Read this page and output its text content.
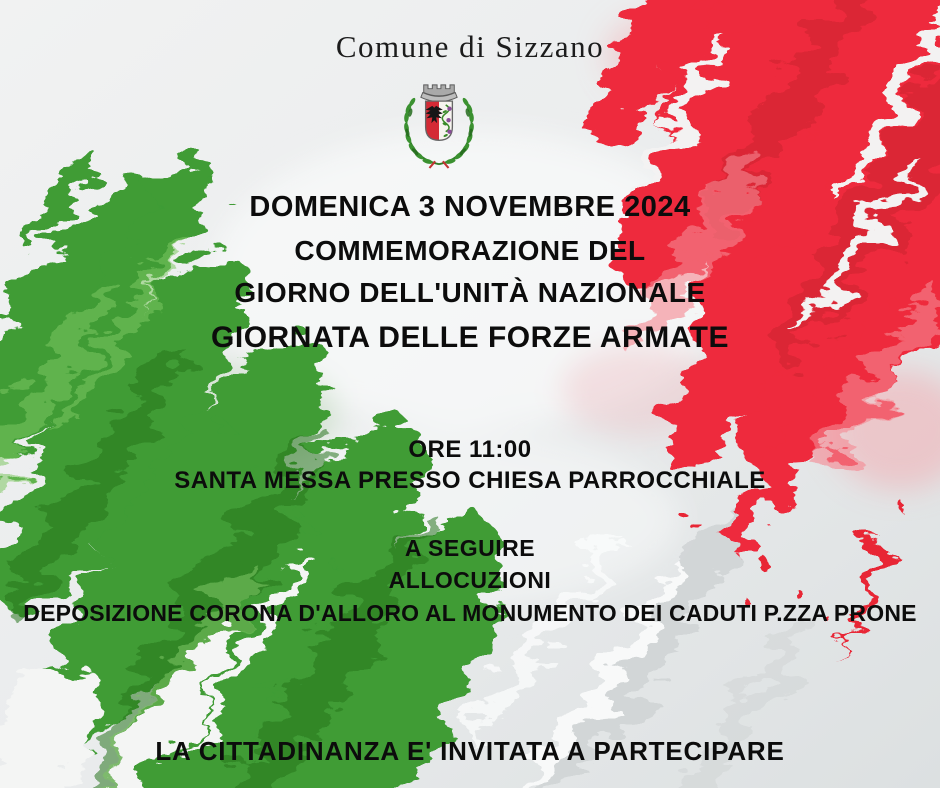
Comune di Sizzano
DOMENICA 3 NOVEMBRE 2024
COMMEMORAZIONE DEL
GIORNO DELL'UNITÀ NAZIONALE
GIORNATA DELLE FORZE ARMATE
ORE 11:00
SANTA MESSA PRESSO CHIESA PARROCCHIALE
A SEGUIRE
ALLOCUZIONI
DEPOSIZIONE CORONA D'ALLORO AL MONUMENTO DEI CADUTI P.ZZA PRONE
LA CITTADINANZA E' INVITATA A PARTECIPARE
